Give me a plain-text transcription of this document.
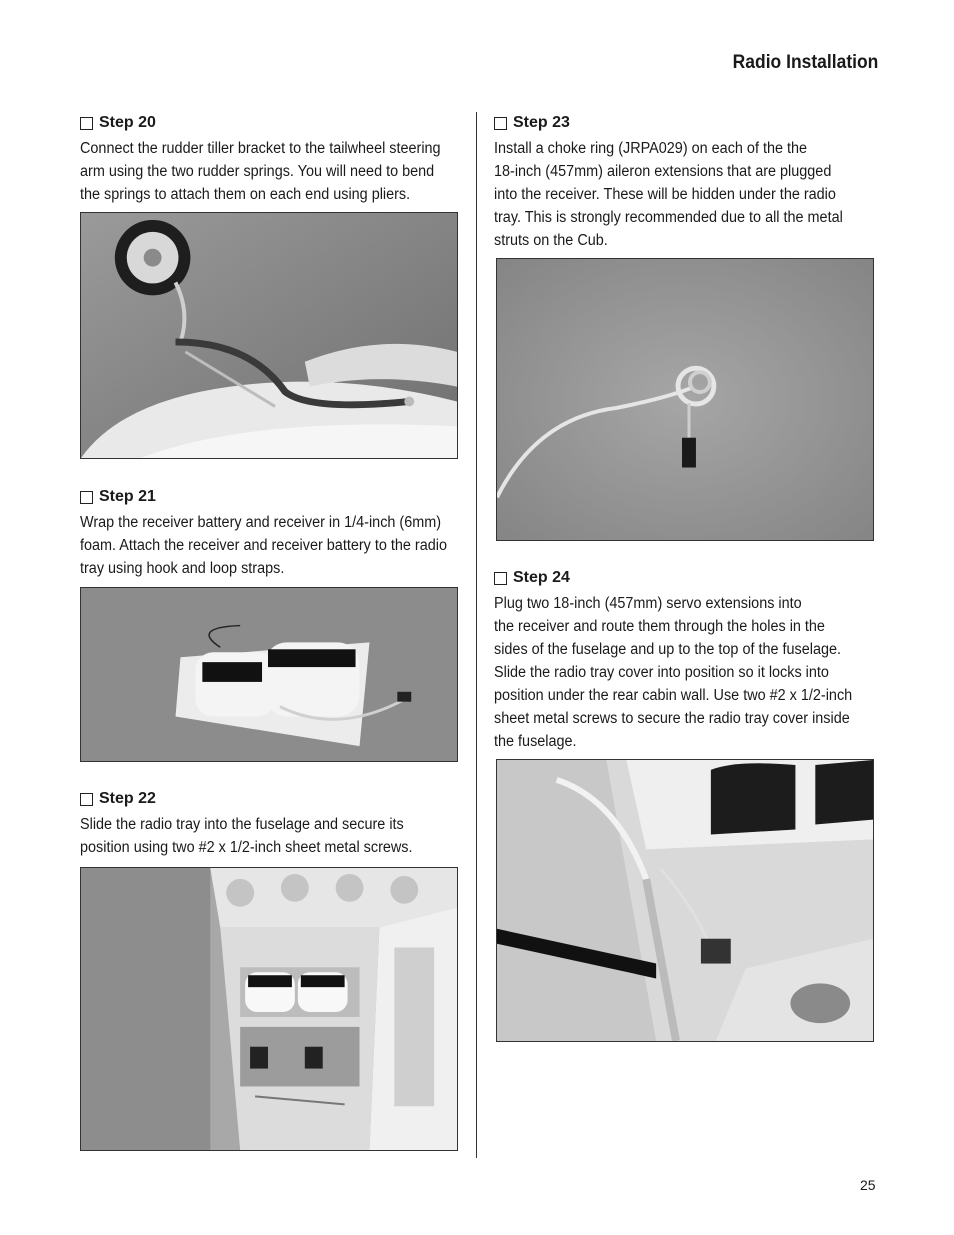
Radio Installation
Step 20

Connect the rudder tiller bracket to the tailwheel steering
arm using the two rudder springs. You will need to bend
the springs to attach them on each end using pliers.

Step 21

Wrap the receiver battery and receiver in 1/4-inch (6mm)
foam. Attach the receiver and receiver battery to the radio
tray using hook and loop straps.

Step 22

Slide the radio tray into the fuselage and secure its
position using two #2 x 1/2-inch sheet metal screws.

Step 23

Install a choke ring (JRPA029) on each of the the
18-inch (457mm) aileron extensions that are plugged
into the receiver. These will be hidden under the radio
tray. This is strongly recommended due to all the metal
struts on the Cub.

Step 24

Plug two 18-inch (457mm) servo extensions into
the receiver and route them through the holes in the
sides of the fuselage and up to the top of the fuselage.
Slide the radio tray cover into position so it locks into
position under the rear cabin wall. Use two #2 x 1/2-inch
sheet metal screws to secure the radio tray cover inside
the fuselage.

25
